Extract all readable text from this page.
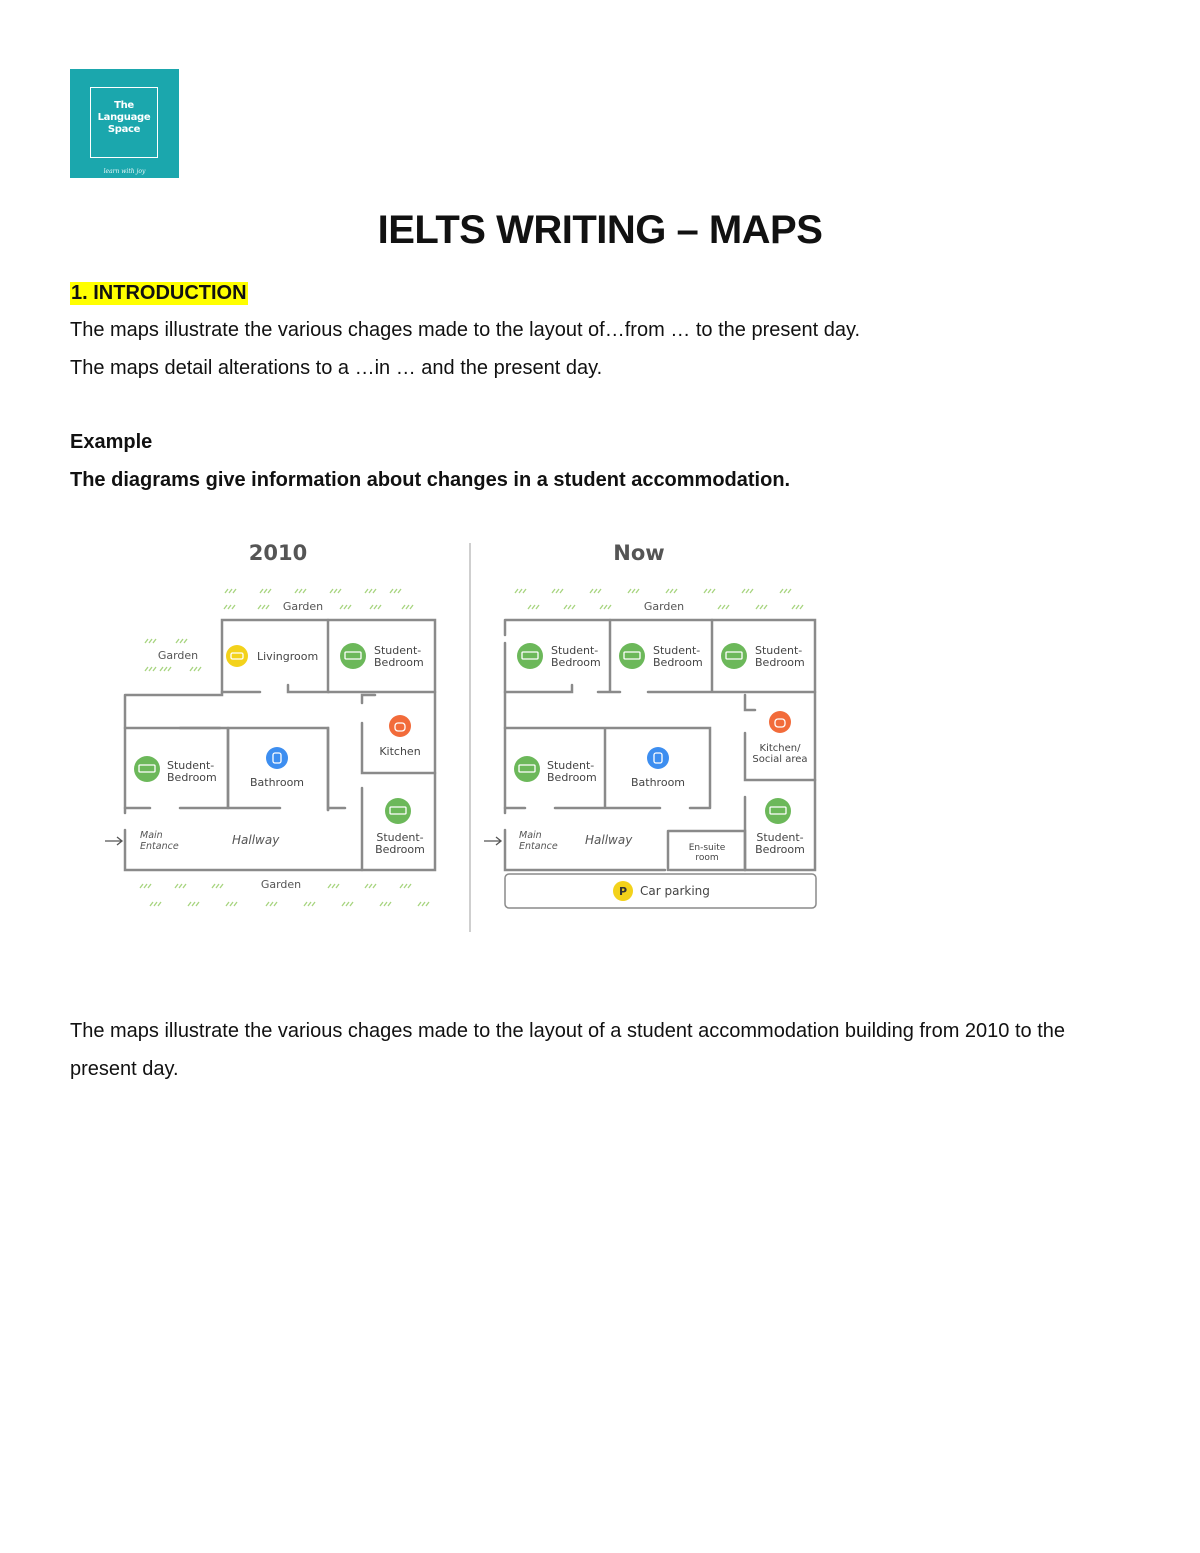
The
Language
Space
learn with joy
IELTS WRITING – MAPS
1. INTRODUCTION
The maps illustrate the various chages made to the layout of…from … to the present day.
The maps detail alterations to a …in … and the present day.
Example
The diagrams give information about changes in a student accommodation.
2010
Garden
Garden
Garden
Livingroom	Student-
Bedroom
Kitchen
Student-
Bedroom	Bathroom
Student-
Bedroom
Main
Entance	Hallway
Now
Garden
Student-
Bedroom
Student-
Bedroom
Student-
Bedroom
Kitchen/
Social area
Student-
Bedroom	Bathroom
Student-
Bedroom
Main
Entance Hallway
En-suite
room
P Car parking
The maps illustrate the various chages made to the layout of a student accommodation building from 2010 to the present day.
